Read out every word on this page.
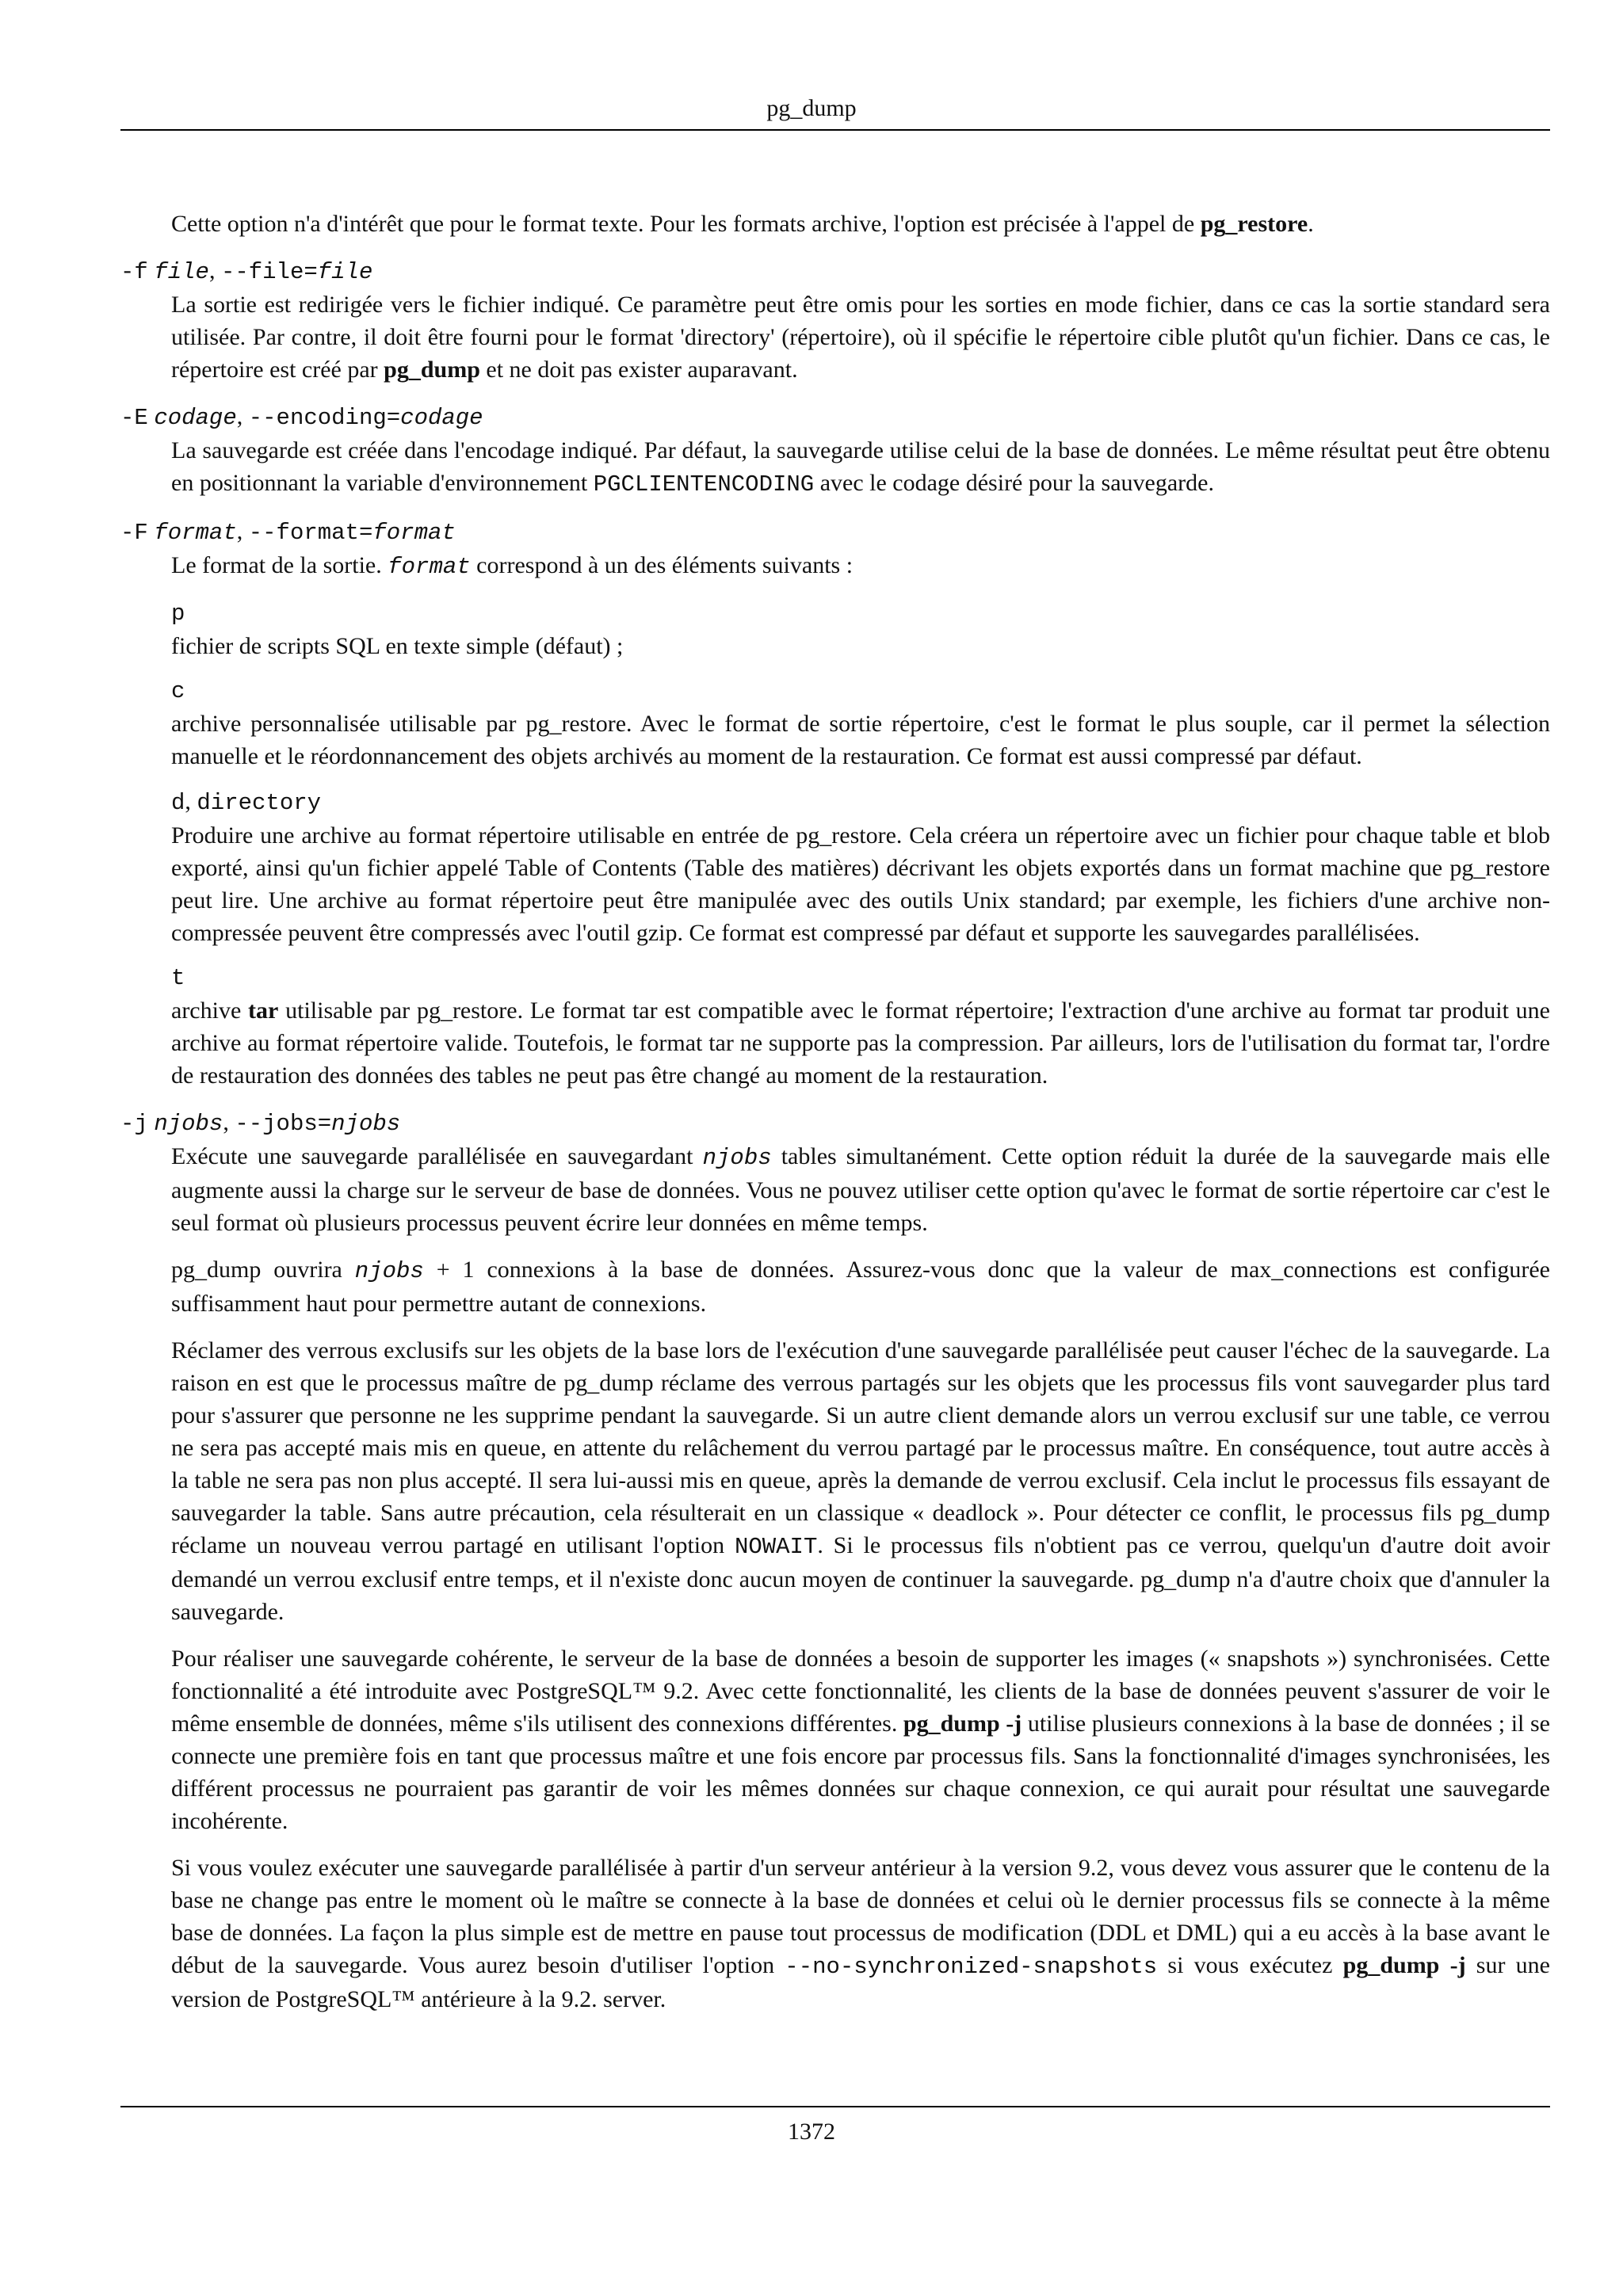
pg_dump

Cette option n'a d'intérêt que pour le format texte. Pour les formats archive, l'option est précisée à l'appel de pg_restore.

-f file, --file=file

La sortie est redirigée vers le fichier indiqué. Ce paramètre peut être omis pour les sorties en mode fichier, dans ce cas la sortie standard sera utilisée. Par contre, il doit être fourni pour le format 'directory' (répertoire), où il spécifie le répertoire cible plutôt qu'un fichier. Dans ce cas, le répertoire est créé par pg_dump et ne doit pas exister auparavant.

-E codage, --encoding=codage

La sauvegarde est créée dans l'encodage indiqué. Par défaut, la sauvegarde utilise celui de la base de données. Le même résultat peut être obtenu en positionnant la variable d'environnement PGCLIENTENCODING avec le codage désiré pour la sauvegarde.

-F format, --format=format

Le format de la sortie. format correspond à un des éléments suivants :

p
fichier de scripts SQL en texte simple (défaut) ;
c
archive personnalisée utilisable par pg_restore. Avec le format de sortie répertoire, c'est le format le plus souple, car il permet la sélection manuelle et le réordonnancement des objets archivés au moment de la restauration. Ce format est aussi compressé par défaut.
d, directory
Produire une archive au format répertoire utilisable en entrée de pg_restore. Cela créera un répertoire avec un fichier pour chaque table et blob exporté, ainsi qu'un fichier appelé Table of Contents (Table des matières) décrivant les objets exportés dans un format machine que pg_restore peut lire. Une archive au format répertoire peut être manipulée avec des outils Unix standard; par exemple, les fichiers d'une archive non-compressée peuvent être compressés avec l'outil gzip. Ce format est compressé par défaut et supporte les sauvegardes parallélisées.
t
archive tar utilisable par pg_restore. Le format tar est compatible avec le format répertoire; l'extraction d'une archive au format tar produit une archive au format répertoire valide. Toutefois, le format tar ne supporte pas la compression. Par ailleurs, lors de l'utilisation du format tar, l'ordre de restauration des données des tables ne peut pas être changé au moment de la restauration.
-j njobs, --jobs=njobs

Exécute une sauvegarde parallélisée en sauvegardant njobs tables simultanément. Cette option réduit la durée de la sauvegarde mais elle augmente aussi la charge sur le serveur de base de données. Vous ne pouvez utiliser cette option qu'avec le format de sortie répertoire car c'est le seul format où plusieurs processus peuvent écrire leur données en même temps.

pg_dump ouvrira njobs + 1 connexions à la base de données. Assurez-vous donc que la valeur de max_connections est configurée suffisamment haut pour permettre autant de connexions.

Réclamer des verrous exclusifs sur les objets de la base lors de l'exécution d'une sauvegarde parallélisée peut causer l'échec de la sauvegarde. La raison en est que le processus maître de pg_dump réclame des verrous partagés sur les objets que les processus fils vont sauvegarder plus tard pour s'assurer que personne ne les supprime pendant la sauvegarde. Si un autre client demande alors un verrou exclusif sur une table, ce verrou ne sera pas accepté mais mis en queue, en attente du relâchement du verrou partagé par le processus maître. En conséquence, tout autre accès à la table ne sera pas non plus accepté. Il sera lui-aussi mis en queue, après la demande de verrou exclusif. Cela inclut le processus fils essayant de sauvegarder la table. Sans autre précaution, cela résulterait en un classique « deadlock ». Pour détecter ce conflit, le processus fils pg_dump réclame un nouveau verrou partagé en utilisant l'option NOWAIT. Si le processus fils n'obtient pas ce verrou, quelqu'un d'autre doit avoir demandé un verrou exclusif entre temps, et il n'existe donc aucun moyen de continuer la sauvegarde. pg_dump n'a d'autre choix que d'annuler la sauvegarde.

Pour réaliser une sauvegarde cohérente, le serveur de la base de données a besoin de supporter les images (« snapshots ») synchronisées. Cette fonctionnalité a été introduite avec PostgreSQL™ 9.2. Avec cette fonctionnalité, les clients de la base de données peuvent s'assurer de voir le même ensemble de données, même s'ils utilisent des connexions différentes. pg_dump -j utilise plusieurs connexions à la base de données ; il se connecte une première fois en tant que processus maître et une fois encore par processus fils. Sans la fonctionnalité d'images synchronisées, les différent processus ne pourraient pas garantir de voir les mêmes données sur chaque connexion, ce qui aurait pour résultat une sauvegarde incohérente.

Si vous voulez exécuter une sauvegarde parallélisée à partir d'un serveur antérieur à la version 9.2, vous devez vous assurer que le contenu de la base ne change pas entre le moment où le maître se connecte à la base de données et celui où le dernier processus fils se connecte à la même base de données. La façon la plus simple est de mettre en pause tout processus de modification (DDL et DML) qui a eu accès à la base avant le début de la sauvegarde. Vous aurez besoin d'utiliser l'option --no-synchronized-snapshots si vous exécutez pg_dump -j sur une version de PostgreSQL™ antérieure à la 9.2. server.

1372
